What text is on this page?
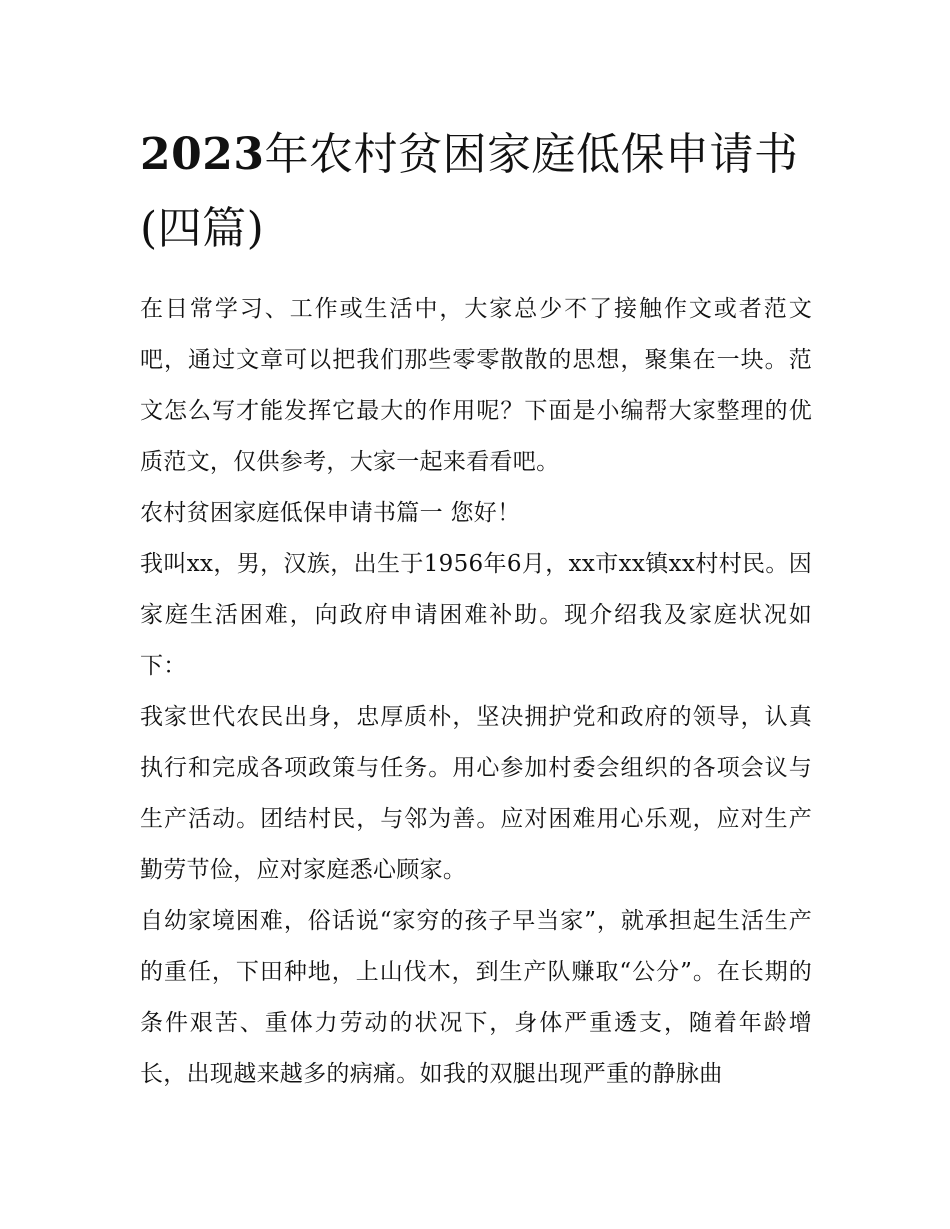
2023年农村贫困家庭低保申请书(四篇)

在日常学习、工作或生活中，大家总少不了接触作文或者范文吧，通过文章可以把我们那些零零散散的思想，聚集在一块。范文怎么写才能发挥它最大的作用呢？下面是小编帮大家整理的优质范文，仅供参考，大家一起来看看吧。

农村贫困家庭低保申请书篇一 您好！

我叫xx，男，汉族，出生于1956年6月，xx市xx镇xx村村民。因家庭生活困难，向政府申请困难补助。现介绍我及家庭状况如下：

我家世代农民出身，忠厚质朴，坚决拥护党和政府的领导，认真执行和完成各项政策与任务。用心参加村委会组织的各项会议与生产活动。团结村民，与邻为善。应对困难用心乐观，应对生产勤劳节俭，应对家庭悉心顾家。

自幼家境困难，俗话说“家穷的孩子早当家”，就承担起生活生产的重任，下田种地，上山伐木，到生产队赚取“公分”。在长期的条件艰苦、重体力劳动的状况下，身体严重透支，随着年龄增长，出现越来越多的病痛。如我的双腿出现严重的静脉曲
